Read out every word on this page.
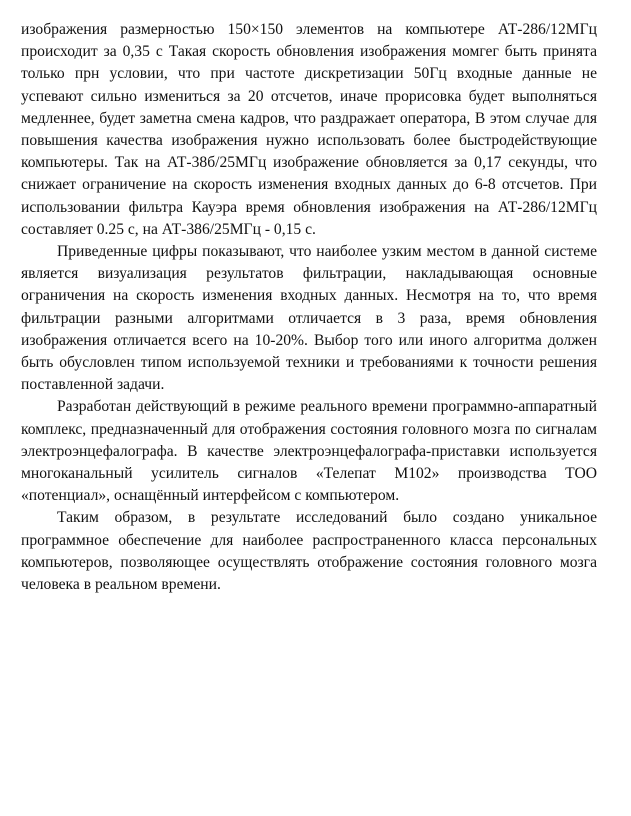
изображения размерностью 150×150 элементов на компьютере АТ-286/12МГц происходит за 0,35 с Такая скорость обновления изображения момгег быть принята только прн условии, что при частоте дискретизации 50Гц входные данные не успевают сильно измениться за 20 отсчетов, иначе прорисовка будет выполняться медленнее, будет заметна смена кадров, что раздражает оператора, В этом случае для повышения качества изображения нужно использовать более быстродействующие компьютеры. Так на АТ-38б/25МГц изображение обновляется за 0,17 секунды, что снижает ограничение на скорость изменения входных данных до 6-8 отсчетов. При использовании фильтра Кауэра время обновления изображения на АТ-286/12МГц составляет 0.25 с, на АТ-386/25МГц - 0,15 с.

Приведенные цифры показывают, что наиболее узким местом в данной системе является визуализация результатов фильтрации, накладывающая основные ограничения на скорость изменения входных данных. Несмотря на то, что время фильтрации разными алгоритмами отличается в 3 раза, время обновления изображения отличается всего на 10-20%. Выбор того или иного алгоритма должен быть обусловлен типом используемой техники и требованиями к точности решения поставленной задачи.

Разработан действующий в режиме реального времени программно-аппаратный комплекс, предназначенный для отображения состояния головного мозга по сигналам электроэнцефалографа. В качестве электроэнцефалографа-приставки используется многоканальный усилитель сигналов «Телепат М102» производства ТОО «потенциал», оснащённый интерфейсом с компьютером.

Таким образом, в результате исследований было создано уникальное программное обеспечение для наиболее распространенного класса персональных компьютеров, позволяющее осуществлять отображение состояния головного мозга человека в реальном времени.
